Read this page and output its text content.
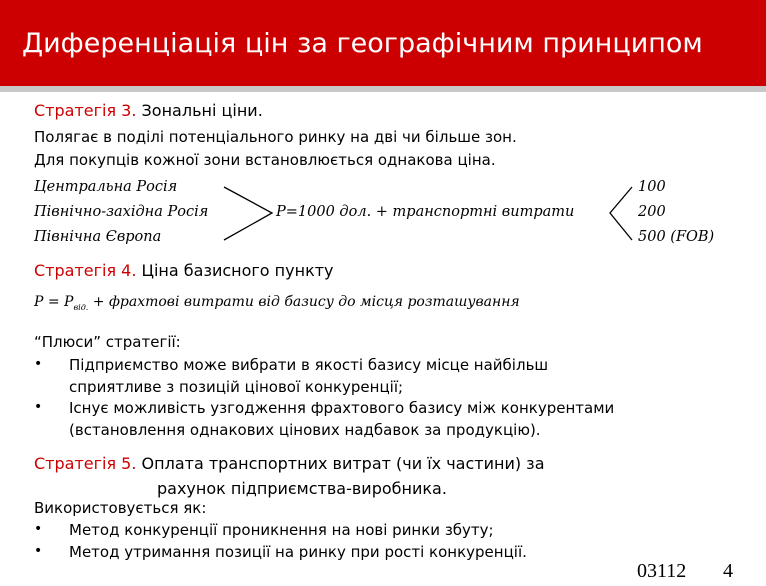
Диференціація цін за географічним принципом
Стратегія 3. Зональні ціни.
Полягає в поділі потенціального ринку на дві чи більше зон.
Для покупців кожної зони встановлюється однакова ціна.
Центральна Росія
Північно-західна Росія
Північна Європа
Р=1000 дол. + транспортні витрати
100
200
500 (FOB)
Стратегія 4. Ціна базисного пункту
$Р = Р_{від.}$ + фрахтові витрати від базису до місця розташування
“Плюси” стратегії:
• Підприємство може вибрати в якості базису місце найбільш
сприятливе з позицій цінової конкуренції;
• Існує можливість узгодження фрахтового базису між конкурентами
(встановлення однакових цінових надбавок за продукцію).
Стратегія 5. Оплата транспортних витрат (чи їх частини) за
рахунок підприємства-виробника.
Використовується як:
• Метод конкуренції проникнення на нові ринки збуту;
• Метод утримання позиції на ринку при рості конкуренції.
03112 4
